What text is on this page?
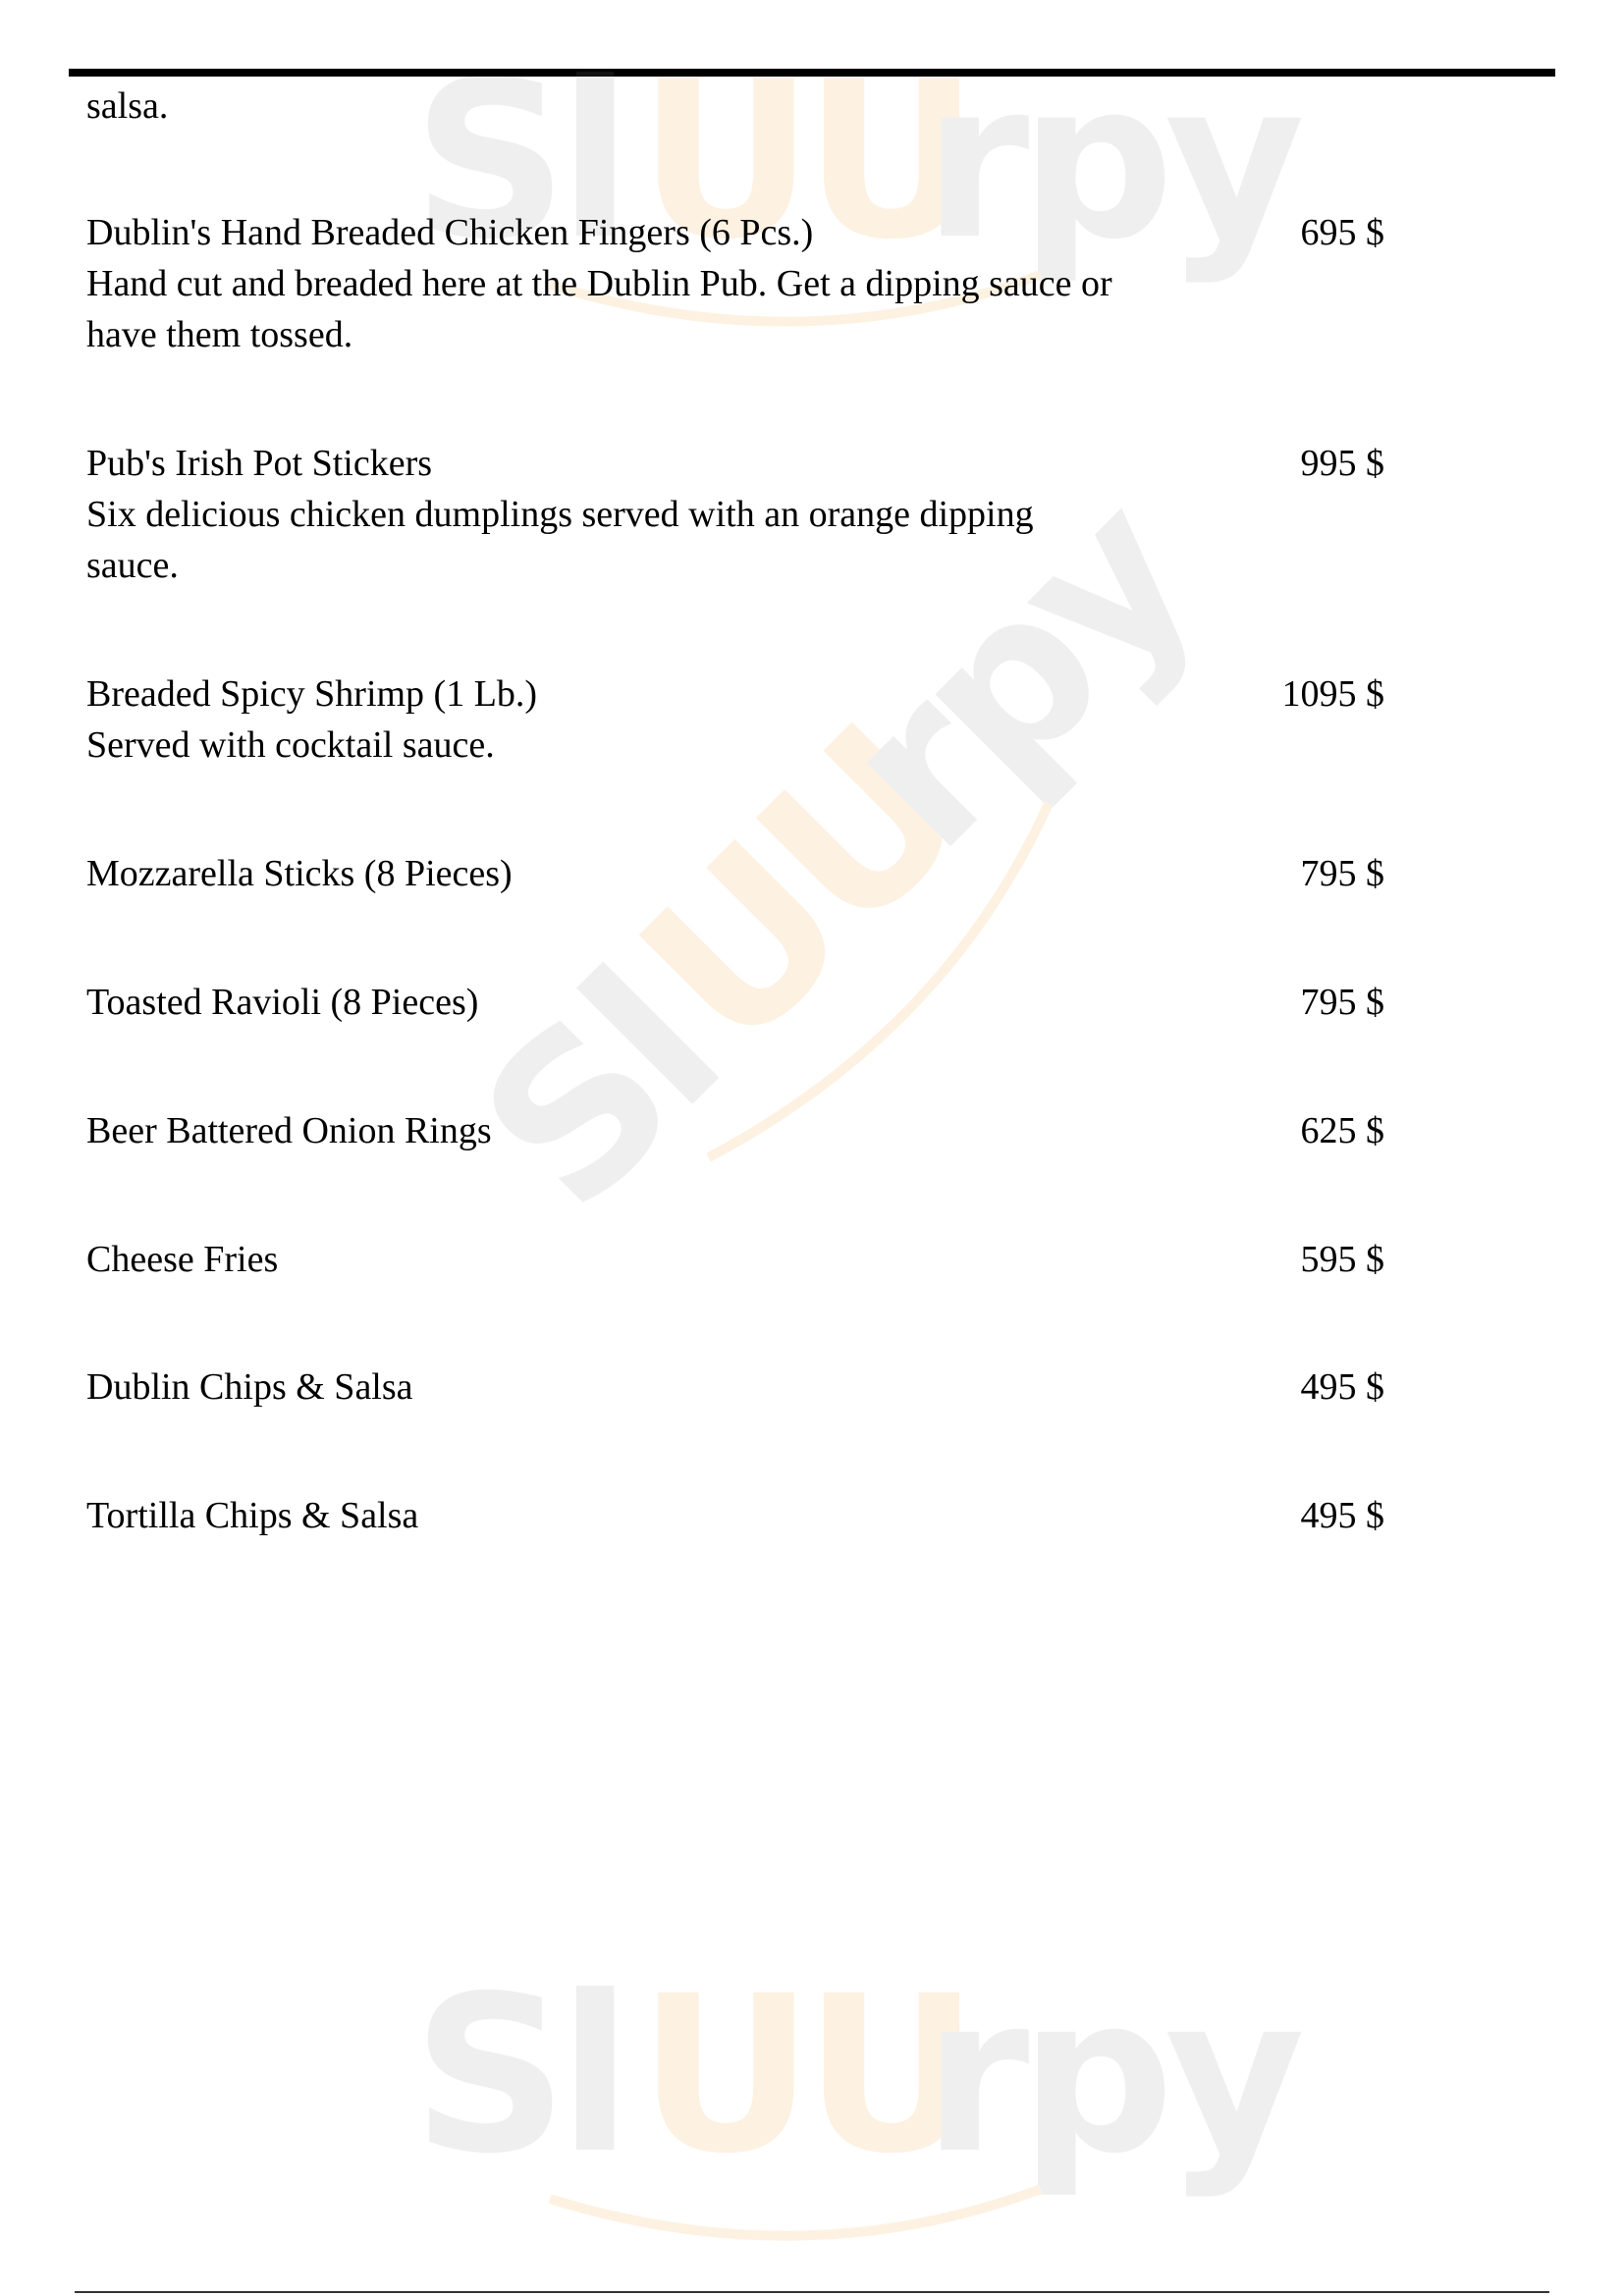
Sl UU
rpy
Sl
UU
rpy
Sl UU
rpy
salsa.
Dublin's Hand Breaded Chicken Fingers (6 Pcs.)	695 $
Hand cut and breaded here at the Dublin Pub. Get a dipping sauce or
have them tossed.
Pub's Irish Pot Stickers	995 $
Six delicious chicken dumplings served with an orange dipping
sauce.
Breaded Spicy Shrimp (1 Lb.)	1095 $
Served with cocktail sauce.
Mozzarella Sticks (8 Pieces)	795 $
Toasted Ravioli (8 Pieces)	795 $
Beer Battered Onion Rings	625 $
Cheese Fries	595 $
Dublin Chips & Salsa	495 $
Tortilla Chips & Salsa	495 $
